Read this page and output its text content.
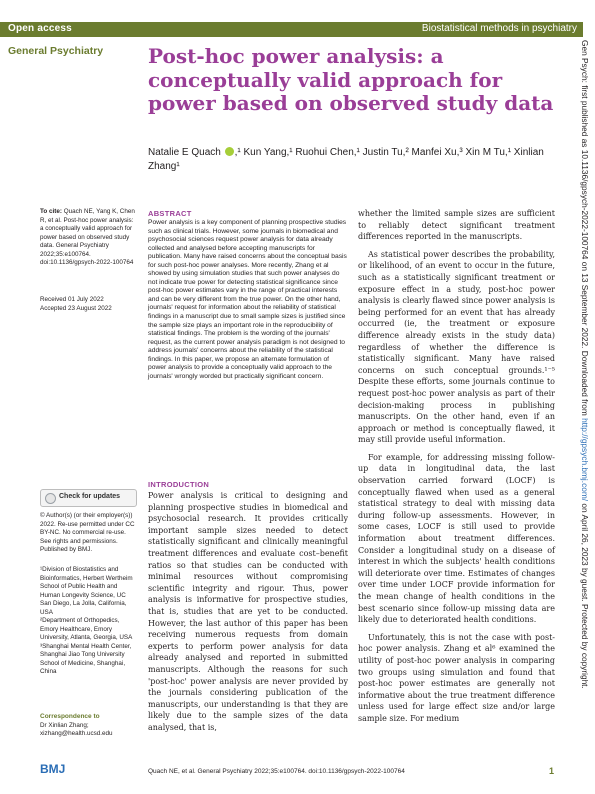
Open access	Biostatistical methods in psychiatry
General Psychiatry Post-hoc power analysis: a conceptually valid approach for power based on observed study data
Natalie E Quach ,¹ Kun Yang,¹ Ruohui Chen,¹ Justin Tu,² Manfei Xu,³ Xin M Tu,¹ Xinlian Zhang¹
To cite: Quach NE, Yang K, Chen R, et al. Post-hoc power analysis: a conceptually valid approach for power based on observed study data. General Psychiatry 2022;35:e100764. doi:10.1136/gpsych-2022-100764
Received 01 July 2022
Accepted 23 August 2022
Check for updates
© Author(s) (or their employer(s)) 2022. Re-use permitted under CC BY-NC. No commercial re-use. See rights and permissions. Published by BMJ.
¹Division of Biostatistics and Bioinformatics, Herbert Wertheim School of Public Health and Human Longevity Science, UC San Diego, La Jolla, California, USA
²Department of Orthopedics, Emory Healthcare, Emory University, Atlanta, Georgia, USA
³Shanghai Mental Health Center, Shanghai Jiao Tong University School of Medicine, Shanghai, China
Correspondence to
Dr Xinlian Zhang;
xizhang@health.ucsd.edu
ABSTRACT
Power analysis is a key component of planning prospective studies such as clinical trials. However, some journals in biomedical and psychosocial sciences request power analysis for data already collected and analysed before accepting manuscripts for publication. Many have raised concerns about the conceptual basis for such post-hoc power analyses. More recently, Zhang et al showed by using simulation studies that such power analyses do not indicate true power for detecting statistical significance since post-hoc power estimates vary in the range of practical interests and can be very different from the true power. On the other hand, journals' request for information about the reliability of statistical findings in a manuscript due to small sample sizes is justified since the sample size plays an important role in the reproducibility of statistical findings. The problem is the wording of the journals' request, as the current power analysis paradigm is not designed to address journals' concerns about the reliability of the statistical findings. In this paper, we propose an alternate formulation of power analysis to provide a conceptually valid approach to the journals' wrongly worded but practically significant concern.
INTRODUCTION
Power analysis is critical to designing and planning prospective studies in biomedical and psychosocial research. It provides critically important sample sizes needed to detect statistically significant and clinically meaningful treatment differences and evaluate cost–benefit ratios so that studies can be conducted with minimal resources without compromising scientific integrity and rigour. Thus, power analysis is informative for prospective studies, that is, studies that are yet to be conducted. However, the last author of this paper has been receiving numerous requests from domain experts to perform power analysis for data already analysed and reported in submitted manuscripts. Although the reasons for such 'post-hoc' power analysis are never provided by the journals considering publication of the manuscripts, our understanding is that they are likely due to the sample sizes of the data analysed, that is,

whether the limited sample sizes are sufficient to reliably detect significant treatment differences reported in the manuscripts.

As statistical power describes the probability, or likelihood, of an event to occur in the future, such as a statistically significant treatment or exposure effect in a study, post-hoc power analysis is clearly flawed since power analysis is being performed for an event that has already occurred (ie, the treatment or exposure difference already exists in the study data) regardless of whether the difference is statistically significant. Many have raised concerns on such conceptual grounds.¹⁻⁵ Despite these efforts, some journals continue to request post-hoc power analysis as part of their decision-making process in publishing manuscripts. On the other hand, even if an approach or method is conceptually flawed, it may still provide useful information.

For example, for addressing missing follow-up data in longitudinal data, the last observation carried forward (LOCF) is conceptually flawed when used as a general statistical strategy to deal with missing data during follow-up assessments. However, in some cases, LOCF is still used to provide information about treatment differences. Consider a longitudinal study on a disease of interest in which the subjects' health conditions will deteriorate over time. Estimates of changes over time under LOCF provide information for the mean change of health conditions in the best scenario since follow-up missing data are likely due to deteriorated health conditions.

Unfortunately, this is not the case with post-hoc power analysis. Zhang et al⁶ examined the utility of post-hoc power analysis in comparing two groups using simulation and found that post-hoc power estimates are generally not informative about the true treatment difference unless used for large effect size and/or large sample size. For medium

BMJ	Quach NE, et al. General Psychiatry 2022;35:e100764. doi:10.1136/gpsych-2022-100764	1
Gen Psych: first published as 10.1136/gpsych-2022-100764 on 13 September 2022. Downloaded from http://gpsych.bmj.com/ on April 26, 2023 by guest. Protected by copyright.
